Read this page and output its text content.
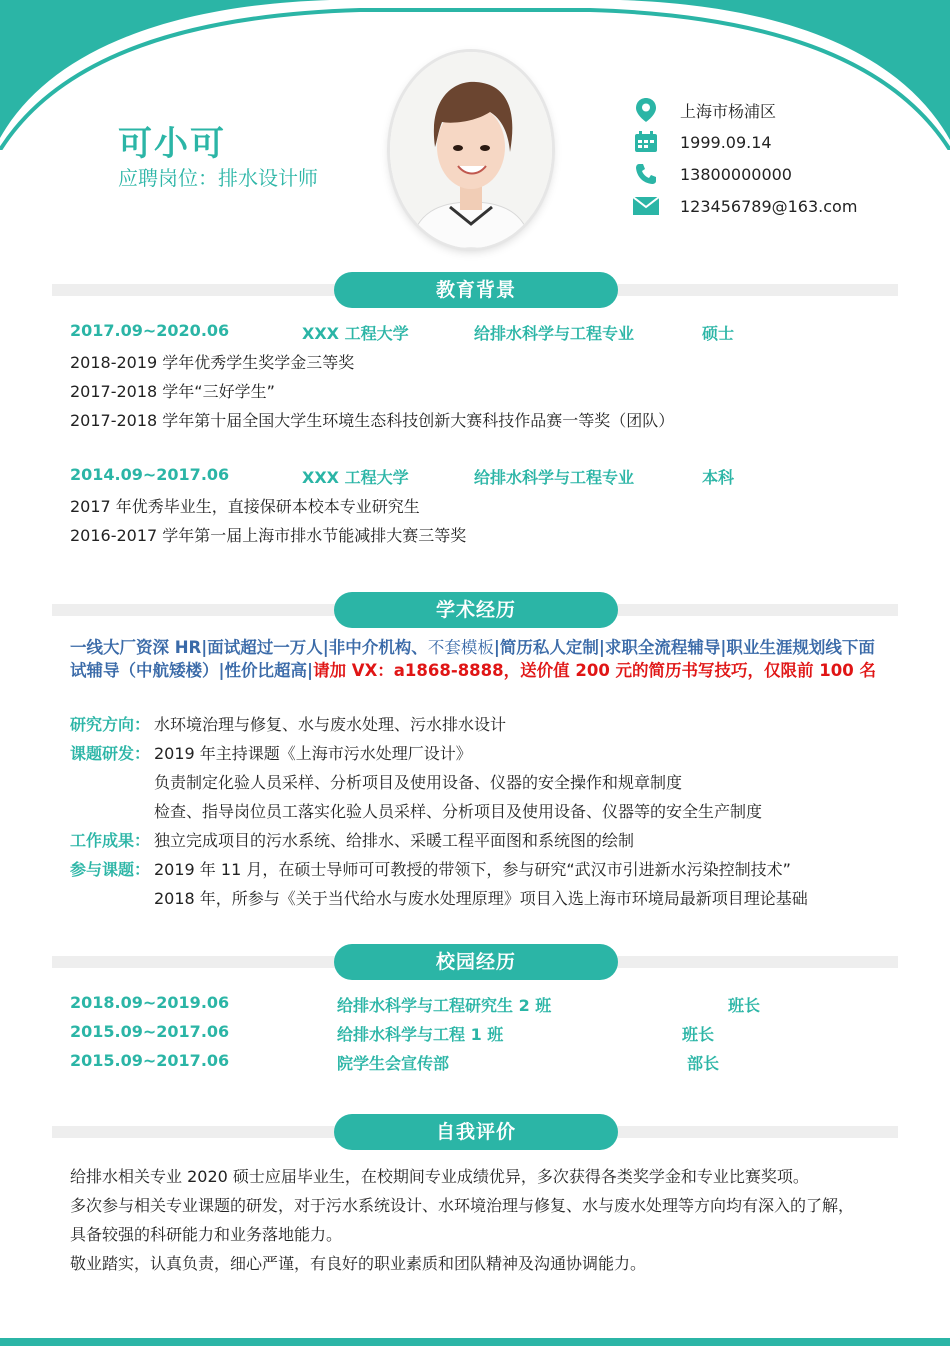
可小可
应聘岗位：排水设计师
上海市杨浦区
1999.09.14
13800000000
123456789@163.com
教育背景
2017.09~2020.06	XXX 工程大学	给排水科学与工程专业	硕士
2018-2019 学年优秀学生奖学金三等奖
2017-2018 学年“三好学生”
2017-2018 学年第十届全国大学生环境生态科技创新大赛科技作品赛一等奖（团队）
2014.09~2017.06	XXX 工程大学	给排水科学与工程专业	本科
2017 年优秀毕业生，直接保研本校本专业研究生
2016-2017 学年第一届上海市排水节能减排大赛三等奖
学术经历
一线大厂资深 HR|面试超过一万人|非中介机构、不套模板|简历私人定制|求职全流程辅导|职业生涯规划线下面试辅导（中航矮楼）|性价比超高|请加 VX：a1868-8888，送价值 200 元的简历书写技巧，仅限前 100 名
研究方向： 水环境治理与修复、水与废水处理、污水排水设计
课题研发： 2019 年主持课题《上海市污水处理厂设计》
负责制定化验人员采样、分析项目及使用设备、仪器的安全操作和规章制度
检查、指导岗位员工落实化验人员采样、分析项目及使用设备、仪器等的安全生产制度
工作成果： 独立完成项目的污水系统、给排水、采暖工程平面图和系统图的绘制
参与课题： 2019 年 11 月，在硕士导师可可教授的带领下，参与研究“武汉市引进新水污染控制技术”
2018 年，所参与《关于当代给水与废水处理原理》项目入选上海市环境局最新项目理论基础
校园经历
2018.09~2019.06	给排水科学与工程研究生 2 班	班长
2015.09~2017.06	给排水科学与工程 1 班	班长
2015.09~2017.06	院学生会宣传部	部长
自我评价
给排水相关专业 2020 硕士应届毕业生，在校期间专业成绩优异，多次获得各类奖学金和专业比赛奖项。
多次参与相关专业课题的研发，对于污水系统设计、水环境治理与修复、水与废水处理等方向均有深入的了解，
具备较强的科研能力和业务落地能力。
敬业踏实，认真负责，细心严谨，有良好的职业素质和团队精神及沟通协调能力。
